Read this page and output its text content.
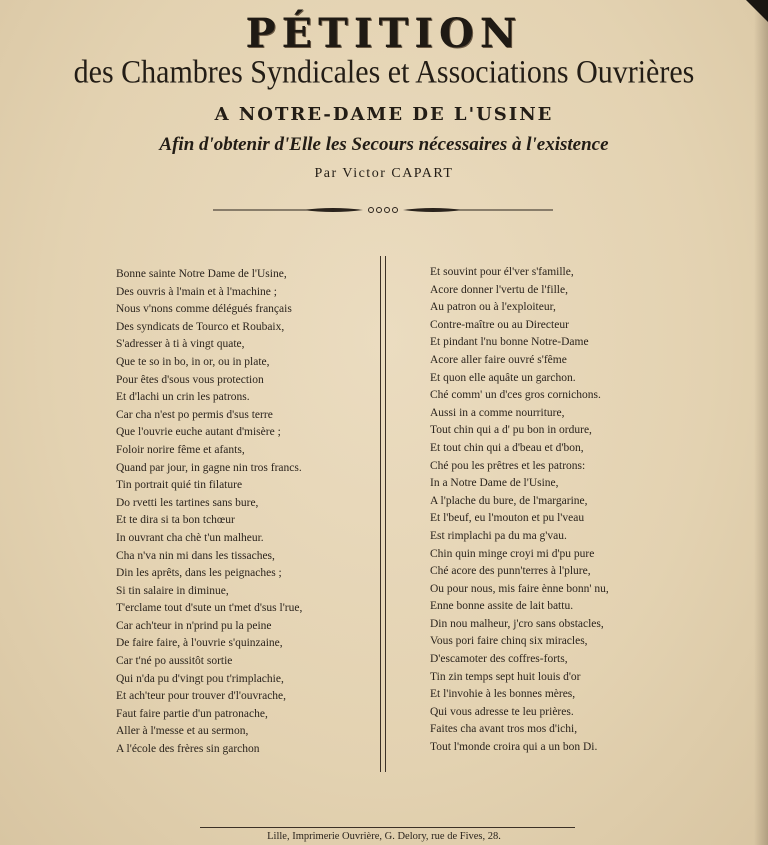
PÉTITION
des Chambres Syndicales et Associations Ouvrières
A NOTRE-DAME DE L'USINE
Afin d'obtenir d'Elle les Secours nécessaires à l'existence
Par Victor CAPART
Bonne sainte Notre Dame de l'Usine,
Des ouvris à l'main et à l'machine ;
Nous v'nons comme délégués français
Des syndicats de Tourco et Roubaix,
S'adresser à ti à vingt quate,
Que te so in bo, in or, ou in plate,
Pour êtes d'sous vous protection
Et d'lachi un crin les patrons.
Car cha n'est po permis d'sus terre
Que l'ouvrie euche autant d'misère ;
Foloir norire fême et afants,
Quand par jour, in gagne nin tros francs.
Tin portrait quié tin filature
Do rvetti les tartines sans bure,
Et te dira si ta bon tchœur
In ouvrant cha chè t'un malheur.
Cha n'va nin mi dans les tissaches,
Din les aprêts, dans les peignaches ;
Si tin salaire in diminue,
T'erclame tout d'sute un t'met d'sus l'rue,
Car ach'teur in n'prind pu la peine
De faire faire, à l'ouvrie s'quinzaine,
Car t'né po aussitôt sortie
Qui n'da pu d'vingt pou t'rimplachie,
Et ach'teur pour trouver d'l'ouvrache,
Faut faire partie d'un patronache,
Aller à l'messe et au sermon,
A l'école des frères sin garchon
Et souvint pour él'ver s'famille,
Acore donner l'vertu de l'fille,
Au patron ou à l'exploiteur,
Contre-maître ou au Directeur
Et pindant l'nu bonne Notre-Dame
Acore aller faire ouvré s'fême
Et quon elle aquâte un garchon.
Ché comm' un d'ces gros cornichons.
Aussi in a comme nourriture,
Tout chin qui a d' pu bon in ordure,
Et tout chin qui a d'beau et d'bon,
Ché pou les prêtres et les patrons:
In a Notre Dame de l'Usine,
A l'plache du bure, de l'margarine,
Et l'beuf, eu l'mouton et pu l'veau
Est rimplachi pa du ma g'vau.
Chin quin minge croyi mi d'pu pure
Ché acore des punn'terres à l'plure,
Ou pour nous, mis faire ènne bonn' nu,
Enne bonne assite de lait battu.
Din nou malheur, j'cro sans obstacles,
Vous pori faire chinq six miracles,
D'escamoter des coffres-forts,
Tin zin temps sept huit louis d'or
Et l'invohie à les bonnes mères,
Qui vous adresse te leu prières.
Faites cha avant tros mos d'ichi,
Tout l'monde croira qui a un bon Di.
Lille, Imprimerie Ouvrière, G. Delory, rue de Fives, 28.
